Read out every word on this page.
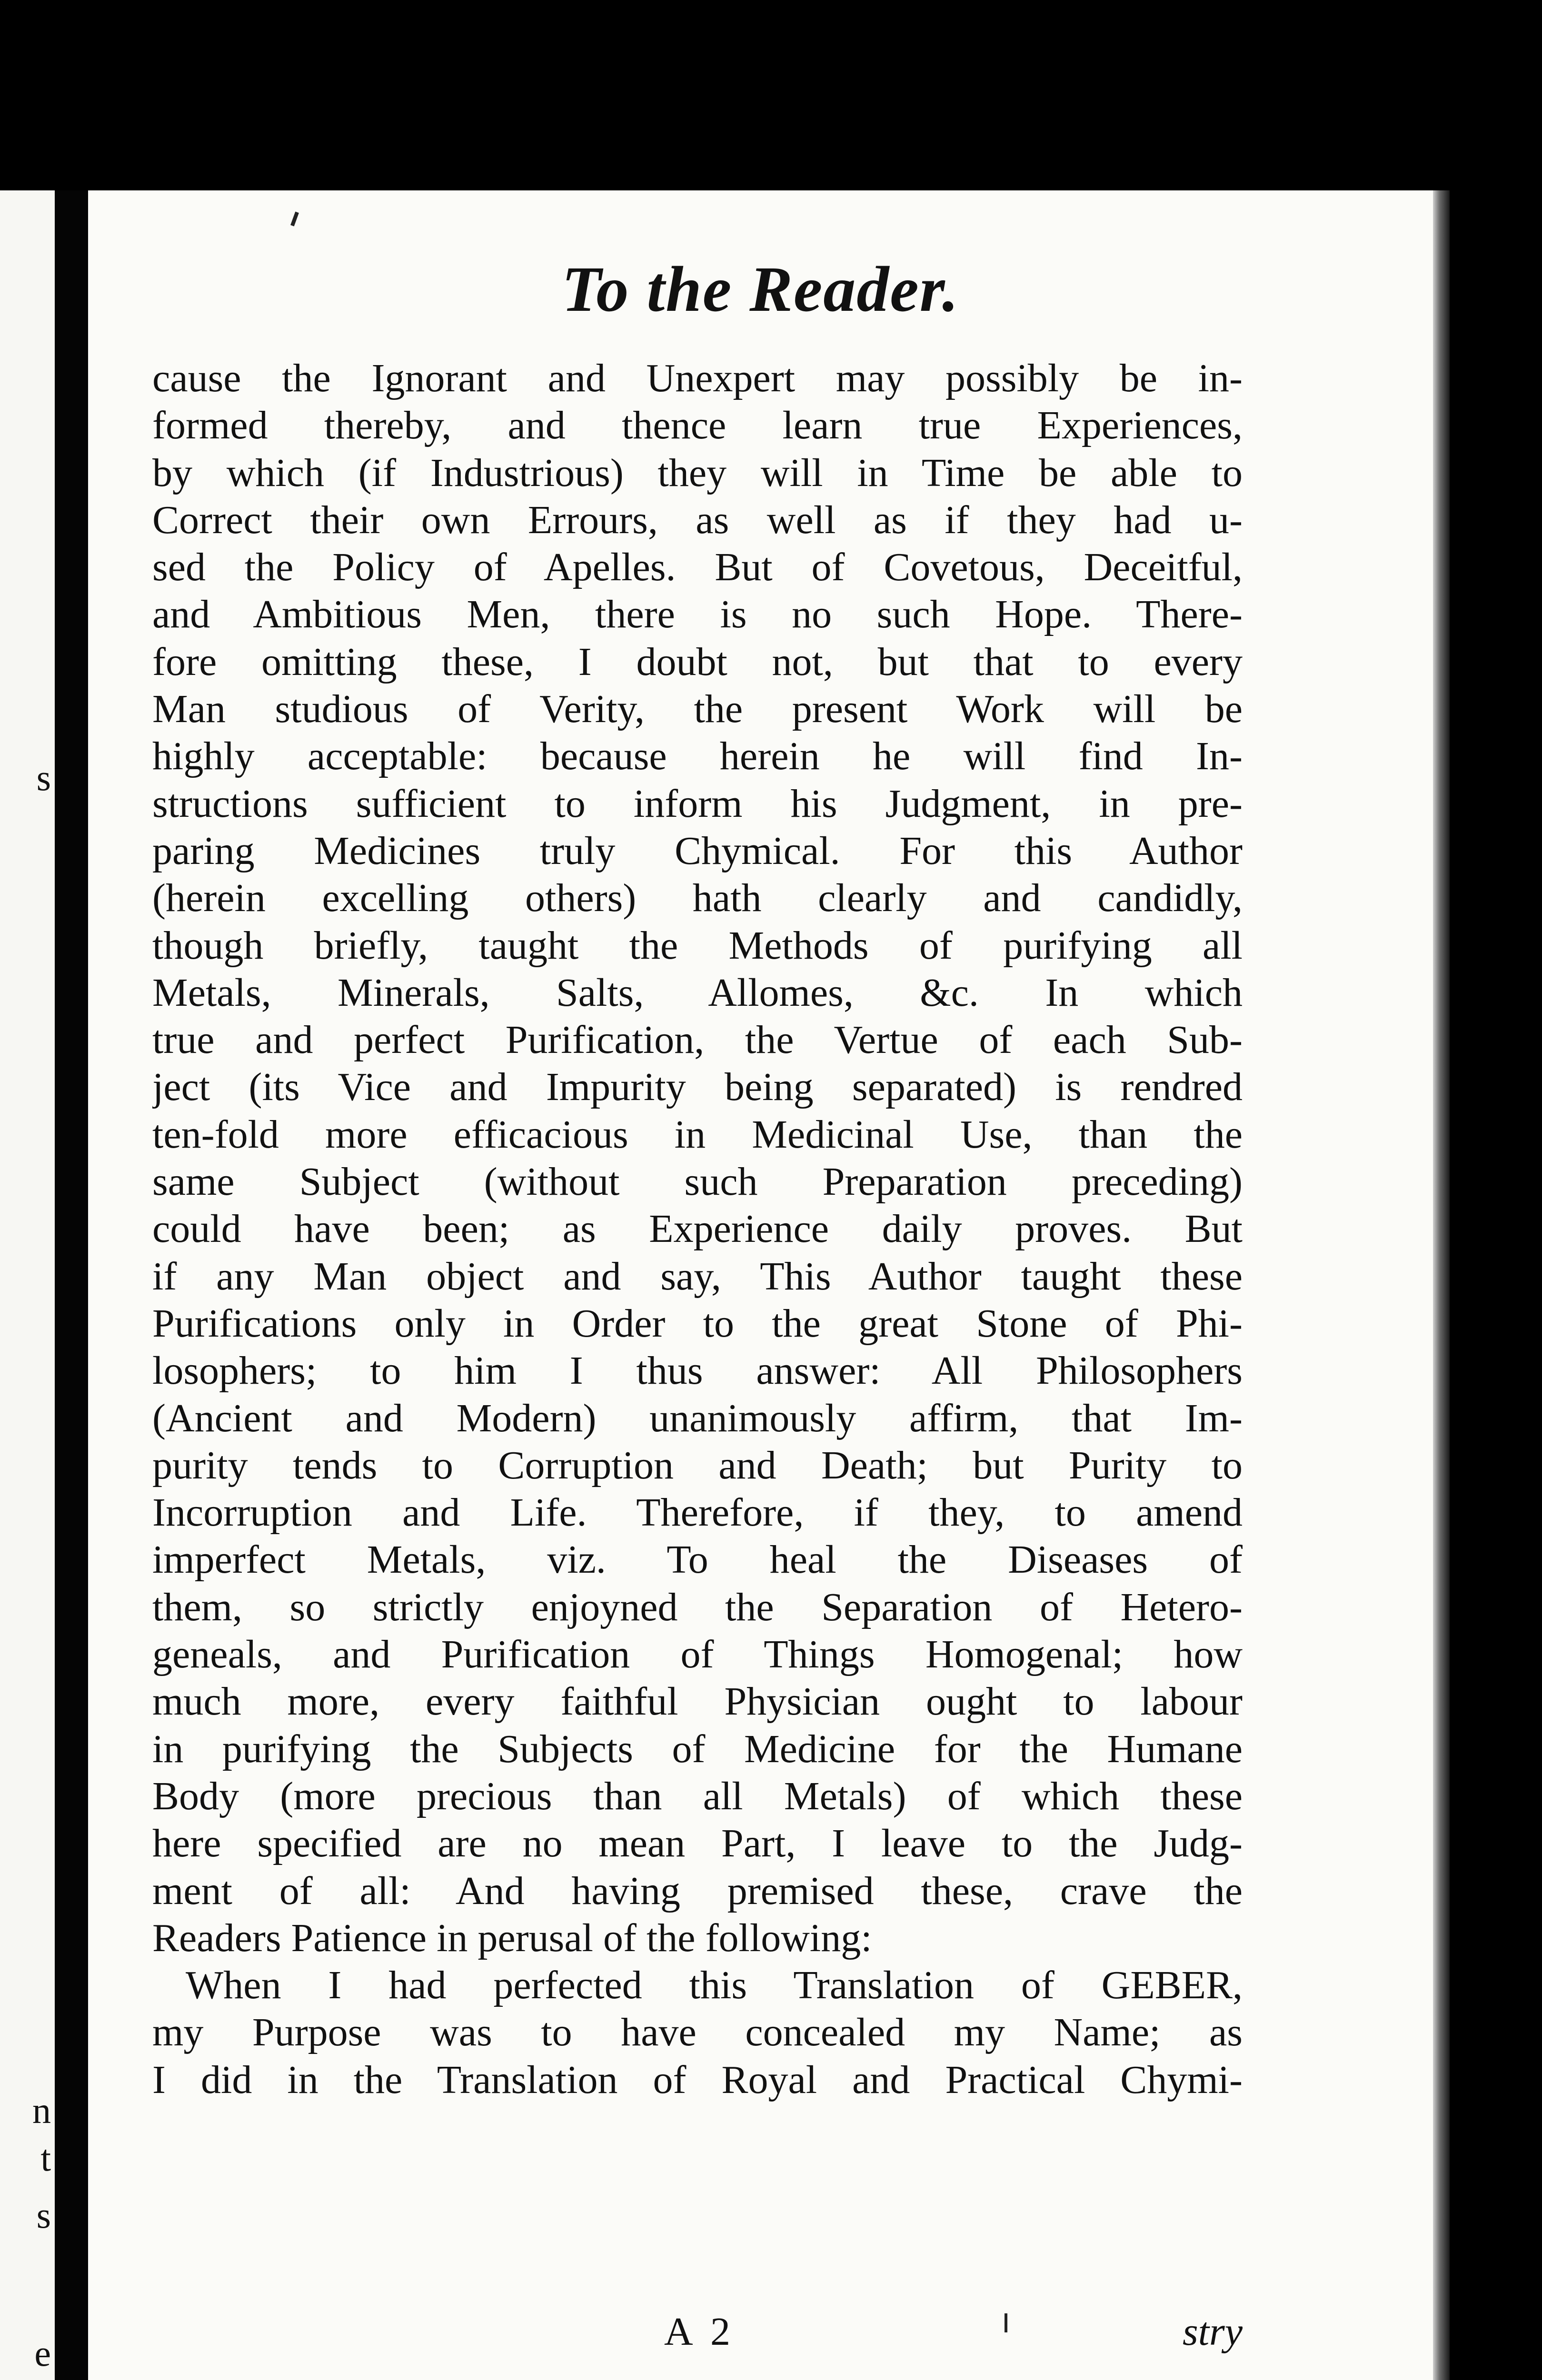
s
n
t
s
e
To the Reader.
cause the Ignorant and Unexpert may possibly be in-
formed thereby, and thence learn true Experiences,
by which (if Industrious) they will in Time be able to
Correct their own Errours, as well as if they had u-
sed the Policy of Apelles. But of Covetous, Deceitful,
and Ambitious Men, there is no such Hope. There-
fore omitting these, I doubt not, but that to every
Man studious of Verity, the present Work will be
highly acceptable: because herein he will find In-
structions sufficient to inform his Judgment, in pre-
paring Medicines truly Chymical. For this Author
(herein excelling others) hath clearly and candidly,
though briefly, taught the Methods of purifying all
Metals, Minerals, Salts, Allomes, &c. In which
true and perfect Purification, the Vertue of each Sub-
ject (its Vice and Impurity being separated) is rendred
ten-fold more efficacious in Medicinal Use, than the
same Subject (without such Preparation preceding)
could have been; as Experience daily proves. But
if any Man object and say, This Author taught these
Purifications only in Order to the great Stone of Phi-
losophers; to him I thus answer: All Philosophers
(Ancient and Modern) unanimously affirm, that Im-
purity tends to Corruption and Death; but Purity to
Incorruption and Life. Therefore, if they, to amend
imperfect Metals, viz. To heal the Diseases of
them, so strictly enjoyned the Separation of Hetero-
geneals, and Purification of Things Homogenal; how
much more, every faithful Physician ought to labour
in purifying the Subjects of Medicine for the Humane
Body (more precious than all Metals) of which these
here specified are no mean Part, I leave to the Judg-
ment of all: And having premised these, crave the
Readers Patience in perusal of the following:
When I had perfected this Translation of GEBER,
my Purpose was to have concealed my Name; as
I did in the Translation of Royal and Practical Chymi-
A 2	stry
